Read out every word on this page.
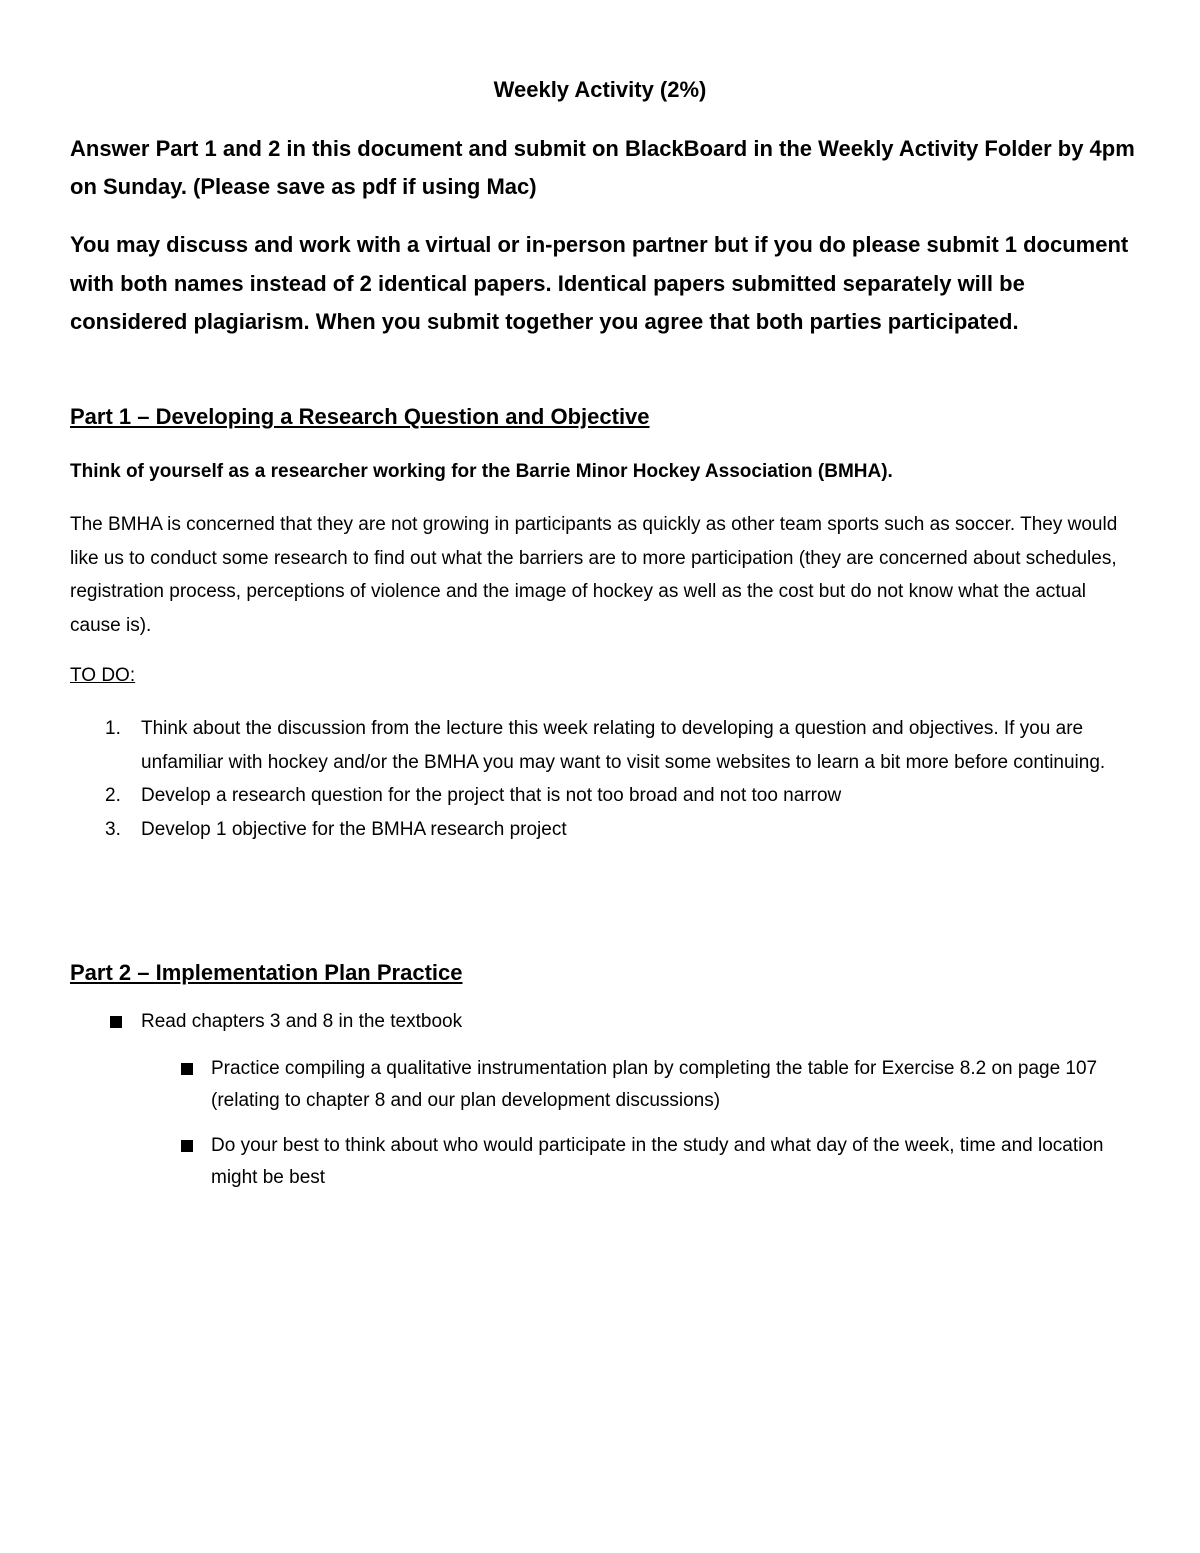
Weekly Activity (2%)
Answer Part 1 and 2 in this document and submit on BlackBoard in the Weekly Activity Folder by 4pm on Sunday. (Please save as pdf if using Mac)
You may discuss and work with a virtual or in-person partner but if you do please submit 1 document with both names instead of 2 identical papers. Identical papers submitted separately will be considered plagiarism. When you submit together you agree that both parties participated.
Part 1 – Developing a Research Question and Objective
Think of yourself as a researcher working for the Barrie Minor Hockey Association (BMHA).
The BMHA is concerned that they are not growing in participants as quickly as other team sports such as soccer. They would like us to conduct some research to find out what the barriers are to more participation (they are concerned about schedules, registration process, perceptions of violence and the image of hockey as well as the cost but do not know what the actual cause is).
TO DO:
1. Think about the discussion from the lecture this week relating to developing a question and objectives. If you are unfamiliar with hockey and/or the BMHA you may want to visit some websites to learn a bit more before continuing.
2. Develop a research question for the project that is not too broad and not too narrow
3. Develop 1 objective for the BMHA research project
Part 2 – Implementation Plan Practice
Read chapters 3 and 8 in the textbook
Practice compiling a qualitative instrumentation plan by completing the table for Exercise 8.2 on page 107 (relating to chapter 8 and our plan development discussions)
Do your best to think about who would participate in the study and what day of the week, time and location might be best
